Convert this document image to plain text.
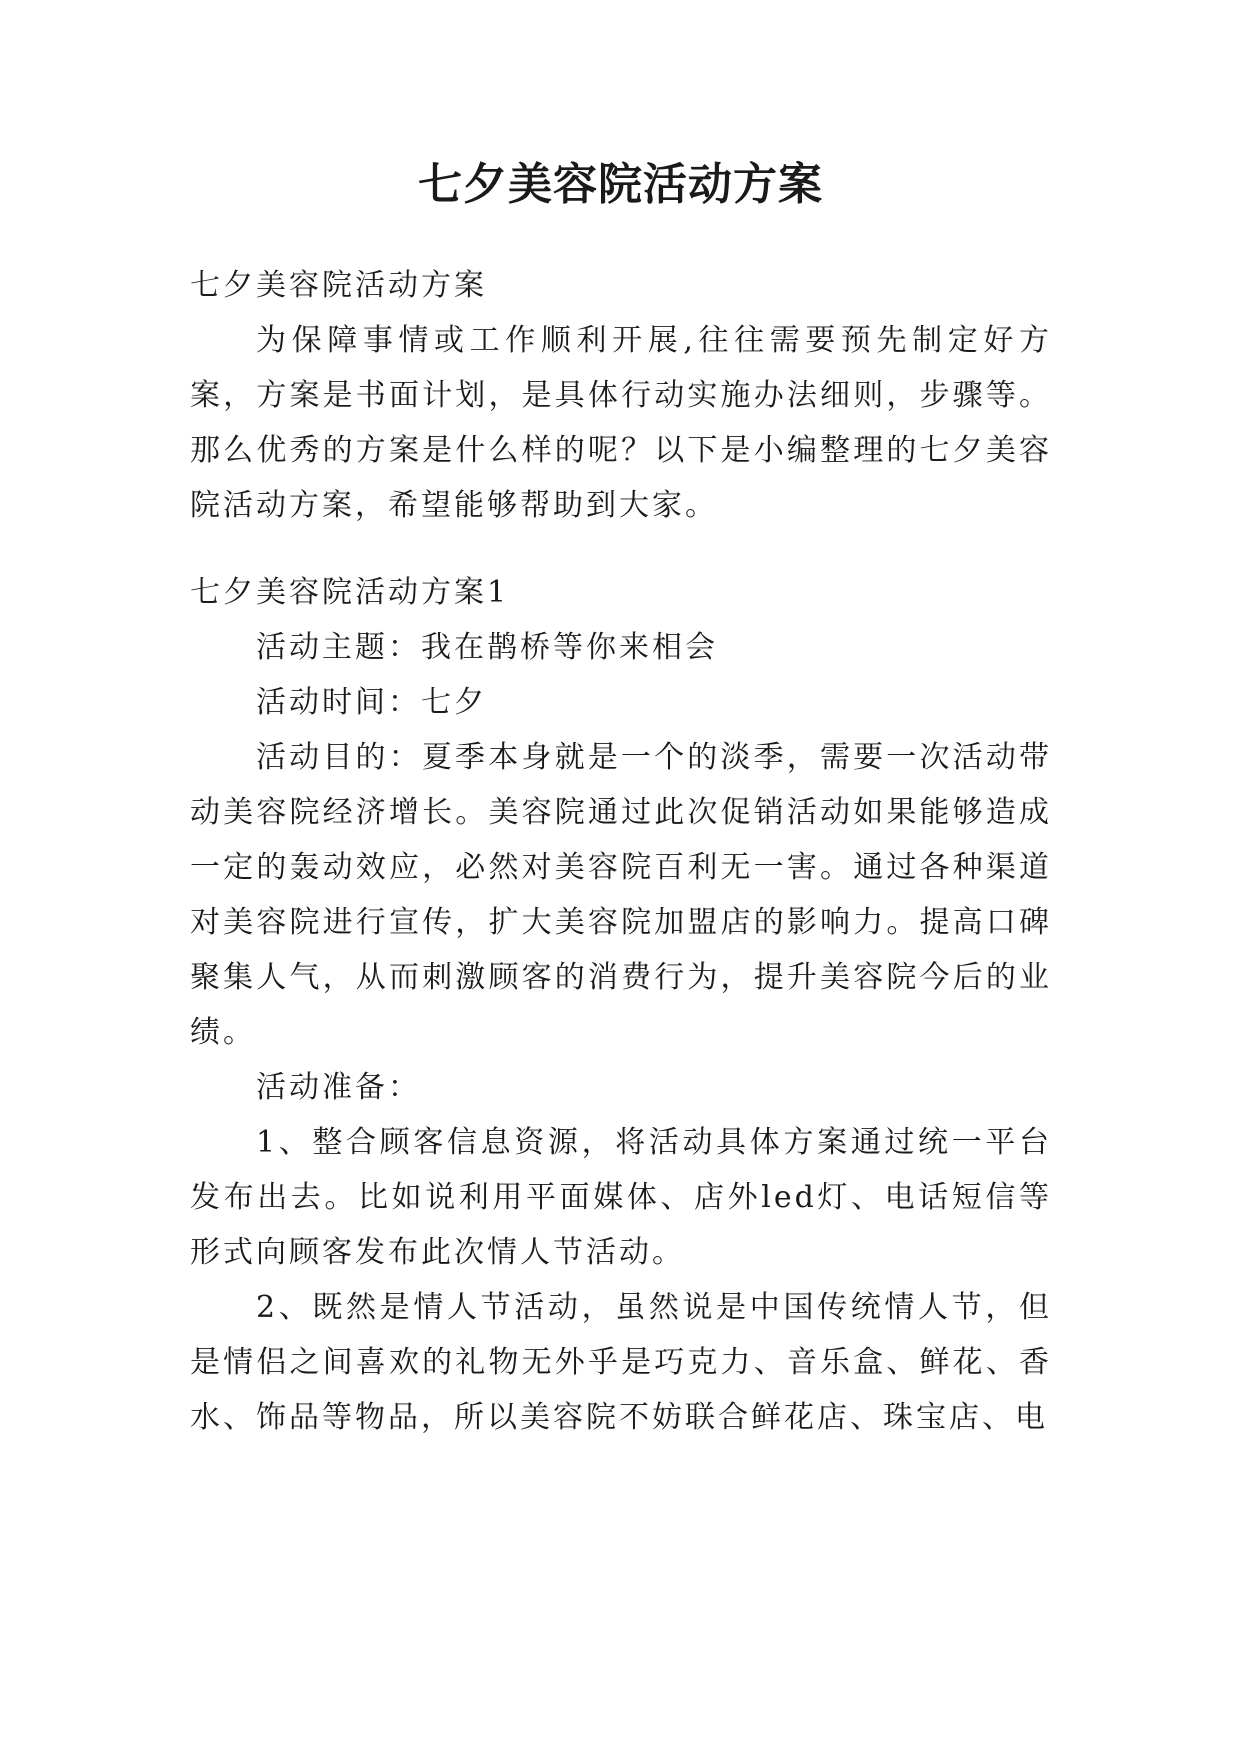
七夕美容院活动方案

七夕美容院活动方案

为保障事情或工作顺利开展,往往需要预先制定好方案，方案是书面计划，是具体行动实施办法细则，步骤等。那么优秀的方案是什么样的呢？以下是小编整理的七夕美容院活动方案，希望能够帮助到大家。

七夕美容院活动方案1

活动主题：我在鹊桥等你来相会

活动时间：七夕

活动目的：夏季本身就是一个的淡季，需要一次活动带动美容院经济增长。美容院通过此次促销活动如果能够造成一定的轰动效应，必然对美容院百利无一害。通过各种渠道对美容院进行宣传，扩大美容院加盟店的影响力。提高口碑聚集人气，从而刺激顾客的消费行为，提升美容院今后的业绩。

活动准备：

1、整合顾客信息资源，将活动具体方案通过统一平台发布出去。比如说利用平面媒体、店外led灯、电话短信等形式向顾客发布此次情人节活动。

2、既然是情人节活动，虽然说是中国传统情人节，但是情侣之间喜欢的礼物无外乎是巧克力、音乐盒、鲜花、香水、饰品等物品，所以美容院不妨联合鲜花店、珠宝店、电
